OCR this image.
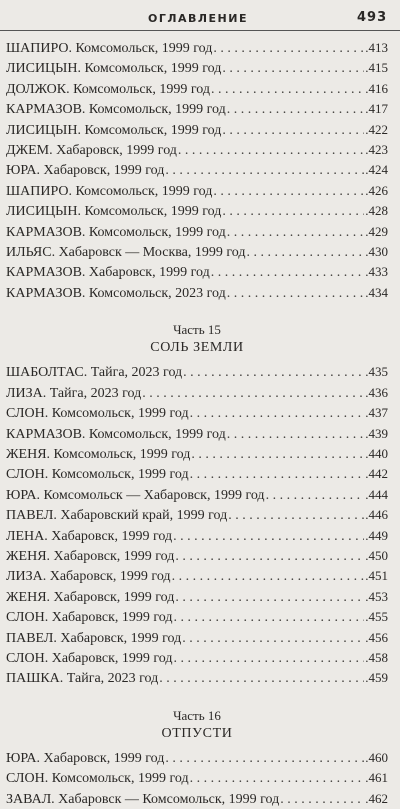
ОГЛАВЛЕНИЕ	493
ШАПИРО. Комсомольск, 1999 год . . .	.413
ЛИСИЦЫН. Комсомольск, 1999 год . . .	.415
ДОЛЖОК. Комсомольск, 1999 год . . .	.416
КАРМАЗОВ. Комсомольск, 1999 год . . .	.417
ЛИСИЦЫН. Комсомольск, 1999 год . . .	.422
ДЖЕМ. Хабаровск, 1999 год . . .	.423
ЮРА. Хабаровск, 1999 год . . .	.424
ШАПИРО. Комсомольск, 1999 год . . .	.426
ЛИСИЦЫН. Комсомольск, 1999 год . . .	.428
КАРМАЗОВ. Комсомольск, 1999 год . . .	.429
ИЛЬЯС. Хабаровск — Москва, 1999 год . . .	.430
КАРМАЗОВ. Хабаровск, 1999 год . . .	.433
КАРМАЗОВ. Комсомольск, 2023 год . . .	.434
Часть 15
СОЛЬ ЗЕМЛИ
ШАБОЛТАС. Тайга, 2023 год . . .	.435
ЛИЗА. Тайга, 2023 год . . .	.436
СЛОН. Комсомольск, 1999 год . . .	.437
КАРМАЗОВ. Комсомольск, 1999 год . . .	.439
ЖЕНЯ. Комсомольск, 1999 год . . .	.440
СЛОН. Комсомольск, 1999 год . . .	.442
ЮРА. Комсомольск — Хабаровск, 1999 год . . .	.444
ПАВЕЛ. Хабаровский край, 1999 год . . .	.446
ЛЕНА. Хабаровск, 1999 год . . .	.449
ЖЕНЯ. Хабаровск, 1999 год . . .	.450
ЛИЗА. Хабаровск, 1999 год . . .	.451
ЖЕНЯ. Хабаровск, 1999 год . . .	.453
СЛОН. Хабаровск, 1999 год . . .	.455
ПАВЕЛ. Хабаровск, 1999 год . . .	.456
СЛОН. Хабаровск, 1999 год . . .	.458
ПАШКА. Тайга, 2023 год . . .	.459
Часть 16
ОТПУСТИ
ЮРА. Хабаровск, 1999 год . . .	.460
СЛОН. Комсомольск, 1999 год . . .	.461
ЗАВАЛ. Хабаровск — Комсомольск, 1999 год . . .	.462
